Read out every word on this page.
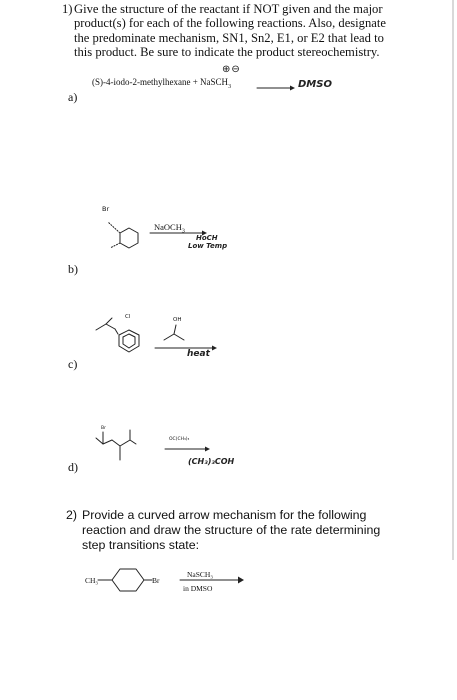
1) Give the structure of the reactant if NOT given and the major product(s) for each of the following reactions. Also, designate the predominate mechanism, SN1, Sn2, E1, or E2 that lead to this product. Be sure to indicate the product stereochemistry.
a)
b)
c)
d)
⊕⊖
(S)-4-iodo-2-methylhexane + NaSCH$_3$	DMSO
Br
NaOCH$_3$
HoCH
Low Temp
Cl	OH
heat
Br
OC(CH₃)₃
(CH₃)₃COH
2) Provide a curved arrow mechanism for the following reaction and draw the structure of the rate determining step transitions state:
CH₃	Br
NaSCH₃
in DMSO
